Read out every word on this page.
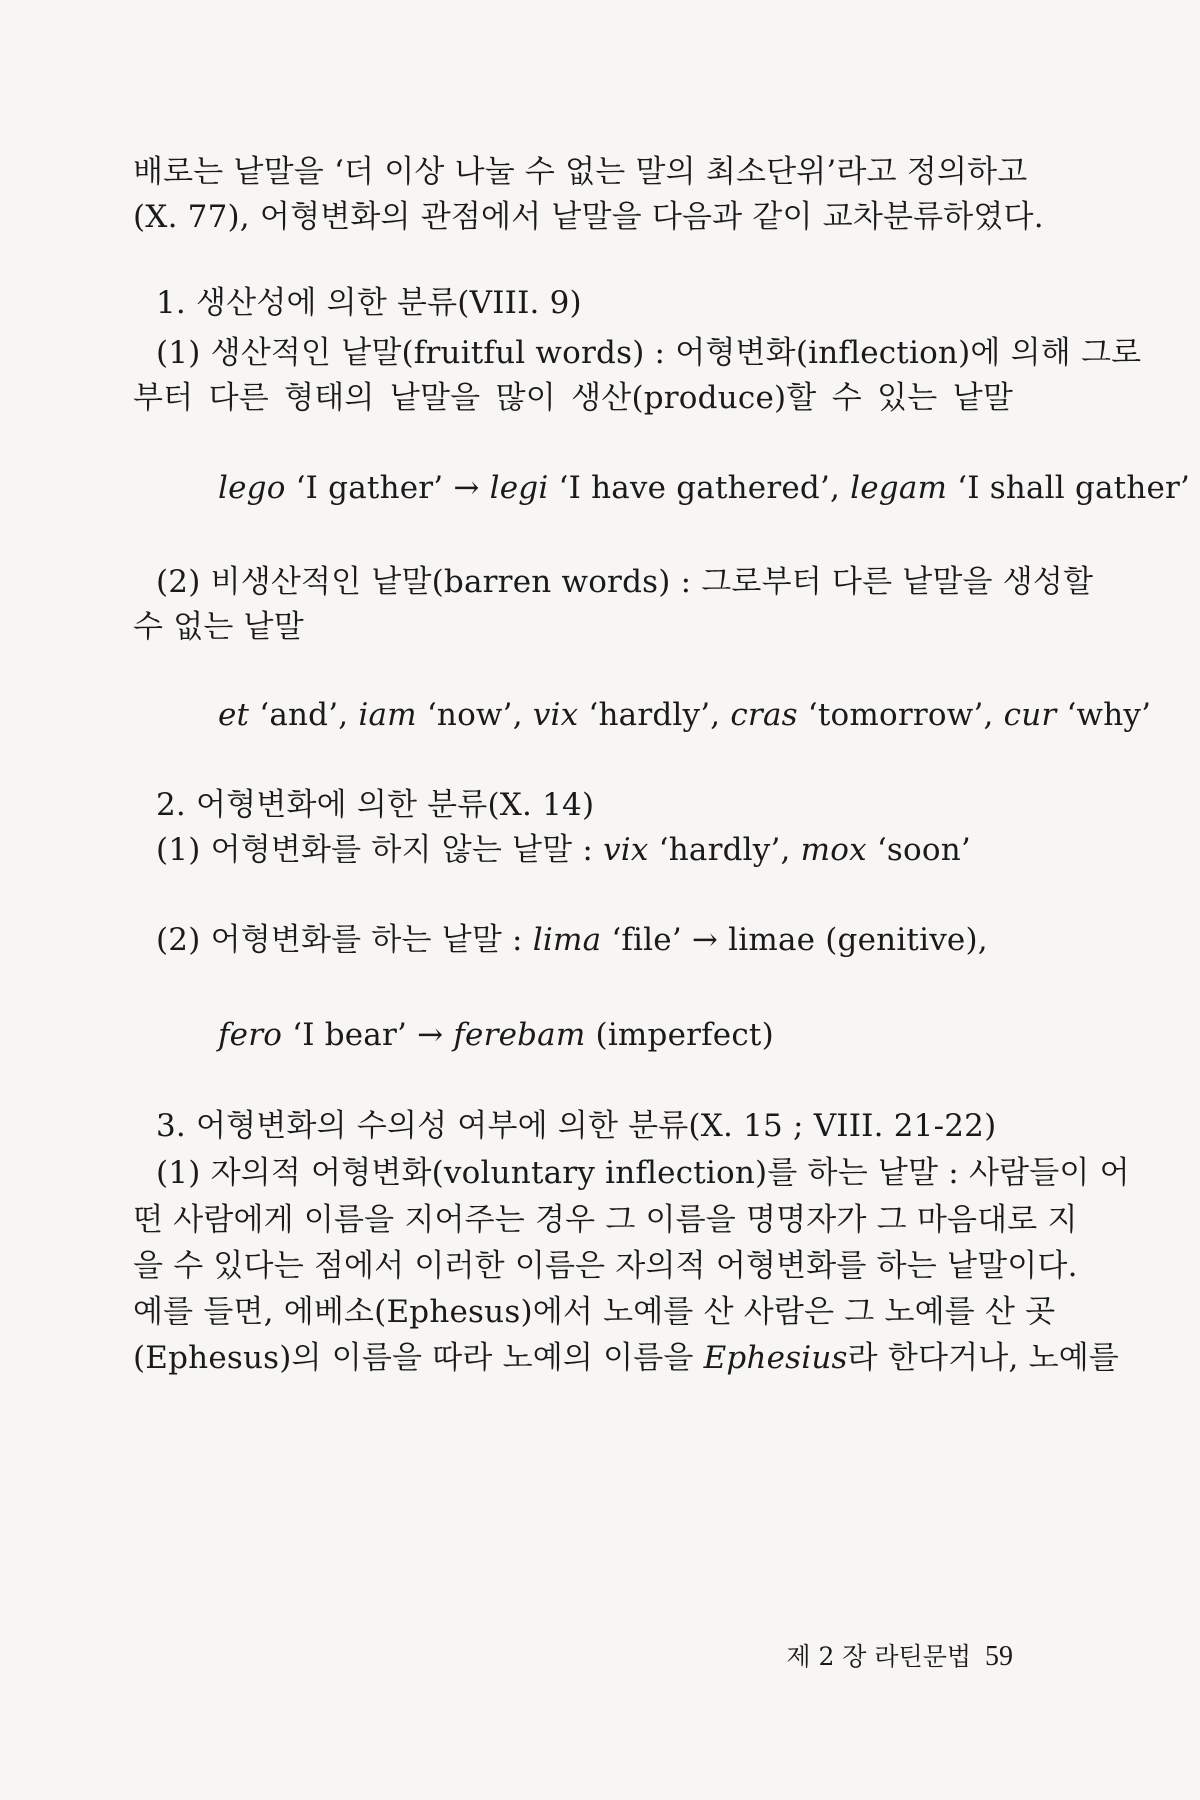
배로는 낱말을 ‘더 이상 나눌 수 없는 말의 최소단위’라고 정의하고
(X. 77), 어형변화의 관점에서 낱말을 다음과 같이 교차분류하였다.
1. 생산성에 의한 분류(VIII. 9)
(1) 생산적인 낱말(fruitful words) : 어형변화(inflection)에 의해 그로
부터 다른 형태의 낱말을 많이 생산(produce)할 수 있는 낱말
lego ‘I gather’ → legi ‘I have gathered’, legam ‘I shall gather’
(2) 비생산적인 낱말(barren words) : 그로부터 다른 낱말을 생성할
수 없는 낱말
et ‘and’, iam ‘now’, vix ‘hardly’, cras ‘tomorrow’, cur ‘why’
2. 어형변화에 의한 분류(X. 14)
(1) 어형변화를 하지 않는 낱말 : vix ‘hardly’, mox ‘soon’
(2) 어형변화를 하는 낱말 : lima ‘file’ → limae (genitive),
fero ‘I bear’ → ferebam (imperfect)
3. 어형변화의 수의성 여부에 의한 분류(X. 15 ; VIII. 21-22)
(1) 자의적 어형변화(voluntary inflection)를 하는 낱말 : 사람들이 어
떤 사람에게 이름을 지어주는 경우 그 이름을 명명자가 그 마음대로 지
을 수 있다는 점에서 이러한 이름은 자의적 어형변화를 하는 낱말이다.
예를 들면, 에베소(Ephesus)에서 노예를 산 사람은 그 노예를 산 곳
(Ephesus)의 이름을 따라 노예의 이름을 Ephesius라 한다거나, 노예를
제 2 장 라틴문법 59
